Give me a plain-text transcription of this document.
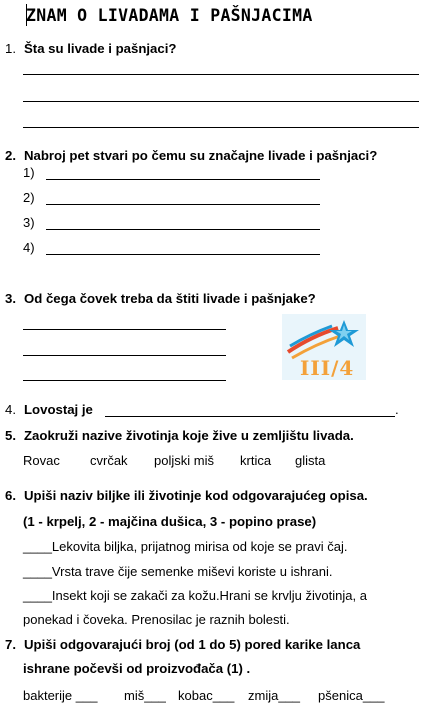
ZNAM O LIVADAMA I PAŠNJACIMA
1. Šta su livade i pašnjaci?
2. Nabroj pet stvari po čemu su značajne livade i pašnjaci?
1)
2)
3)
4)
3. Od čega čovek treba da štiti livade i pašnjake?
III/4
4. Lovostaj je	.
5. Zaokruži nazive životinja koje žive u zemljištu livada.
Rovac cvrčak poljski miš krtica glista
6. Upiši naziv biljke ili životinje kod odgovarajućeg opisa.
(1 - krpelj, 2 - majčina dušica, 3 - popino prase)
____Lekovita biljka, prijatnog mirisa od koje se pravi čaj.
____Vrsta trave čije semenke miševi koriste u ishrani.
____Insekt koji se zakači za kožu.Hrani se krvlju životinja, a
ponekad i čoveka. Prenosilac je raznih bolesti.
7. Upiši odgovarajući broj (od 1 do 5) pored karike lanca
ishrane počevši od proizvođača (1) .
bakterije ___ miš___ kobac___ zmija___ pšenica___
